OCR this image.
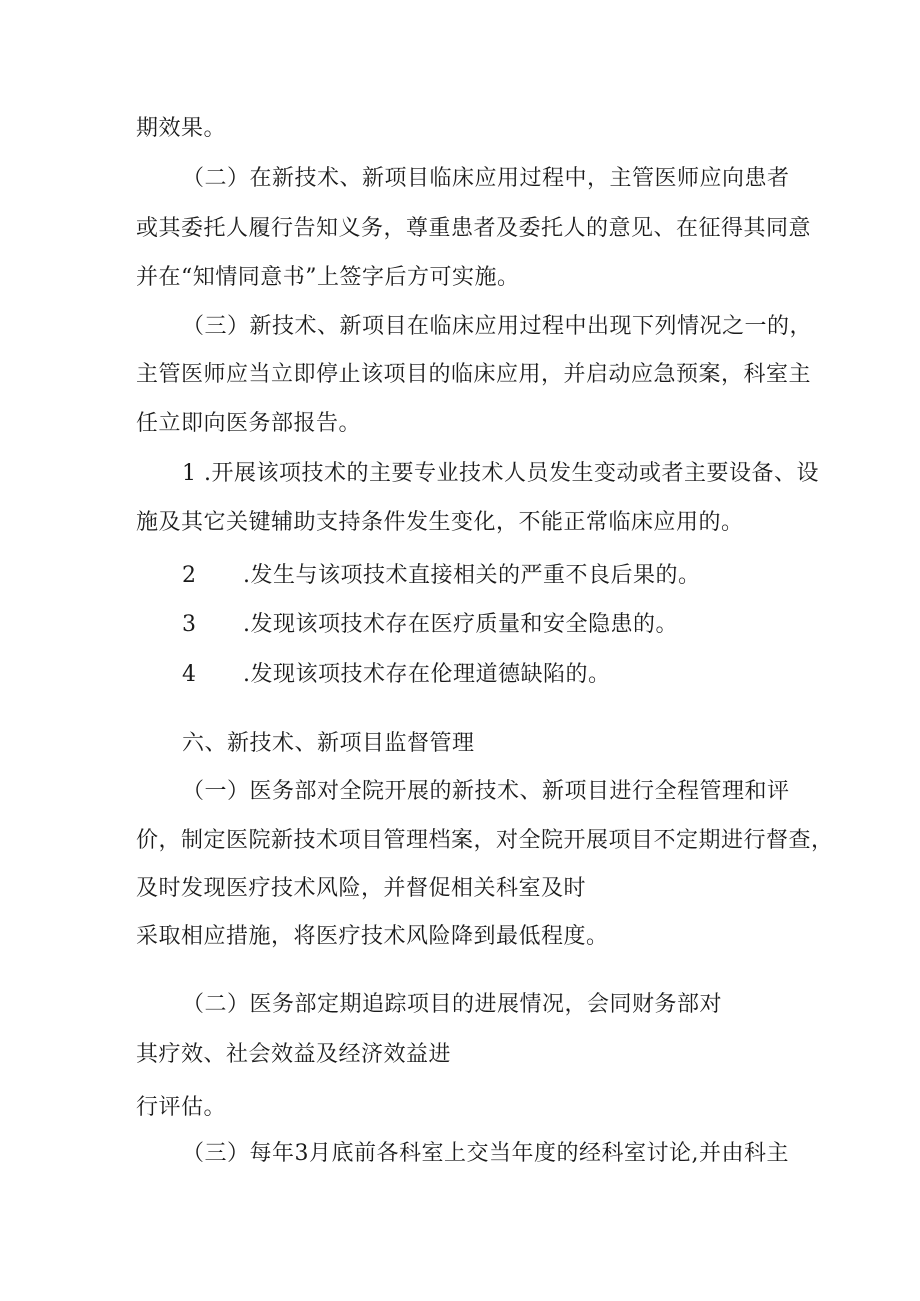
期效果。
（二）在新技术、新项目临床应用过程中，主管医师应向患者
或其委托人履行告知义务，尊重患者及委托人的意见、在征得其同意
并在“知情同意书”上签字后方可实施。
（三）新技术、新项目在临床应用过程中出现下列情况之一的，
主管医师应当立即停止该项目的临床应用，并启动应急预案，科室主
任立即向医务部报告。
1 .开展该项技术的主要专业技术人员发生变动或者主要设备、设
施及其它关键辅助支持条件发生变化，不能正常临床应用的。
2 .发生与该项技术直接相关的严重不良后果的。
3 .发现该项技术存在医疗质量和安全隐患的。
4 .发现该项技术存在伦理道德缺陷的。
六、新技术、新项目监督管理
（一）医务部对全院开展的新技术、新项目进行全程管理和评
价，制定医院新技术项目管理档案，对全院开展项目不定期进行督查，
及时发现医疗技术风险，并督促相关科室及时
采取相应措施，将医疗技术风险降到最低程度。
（二）医务部定期追踪项目的进展情况，会同财务部对
其疗效、社会效益及经济效益进
行评估。
（三）每年3月底前各科室上交当年度的经科室讨论,并由科主
